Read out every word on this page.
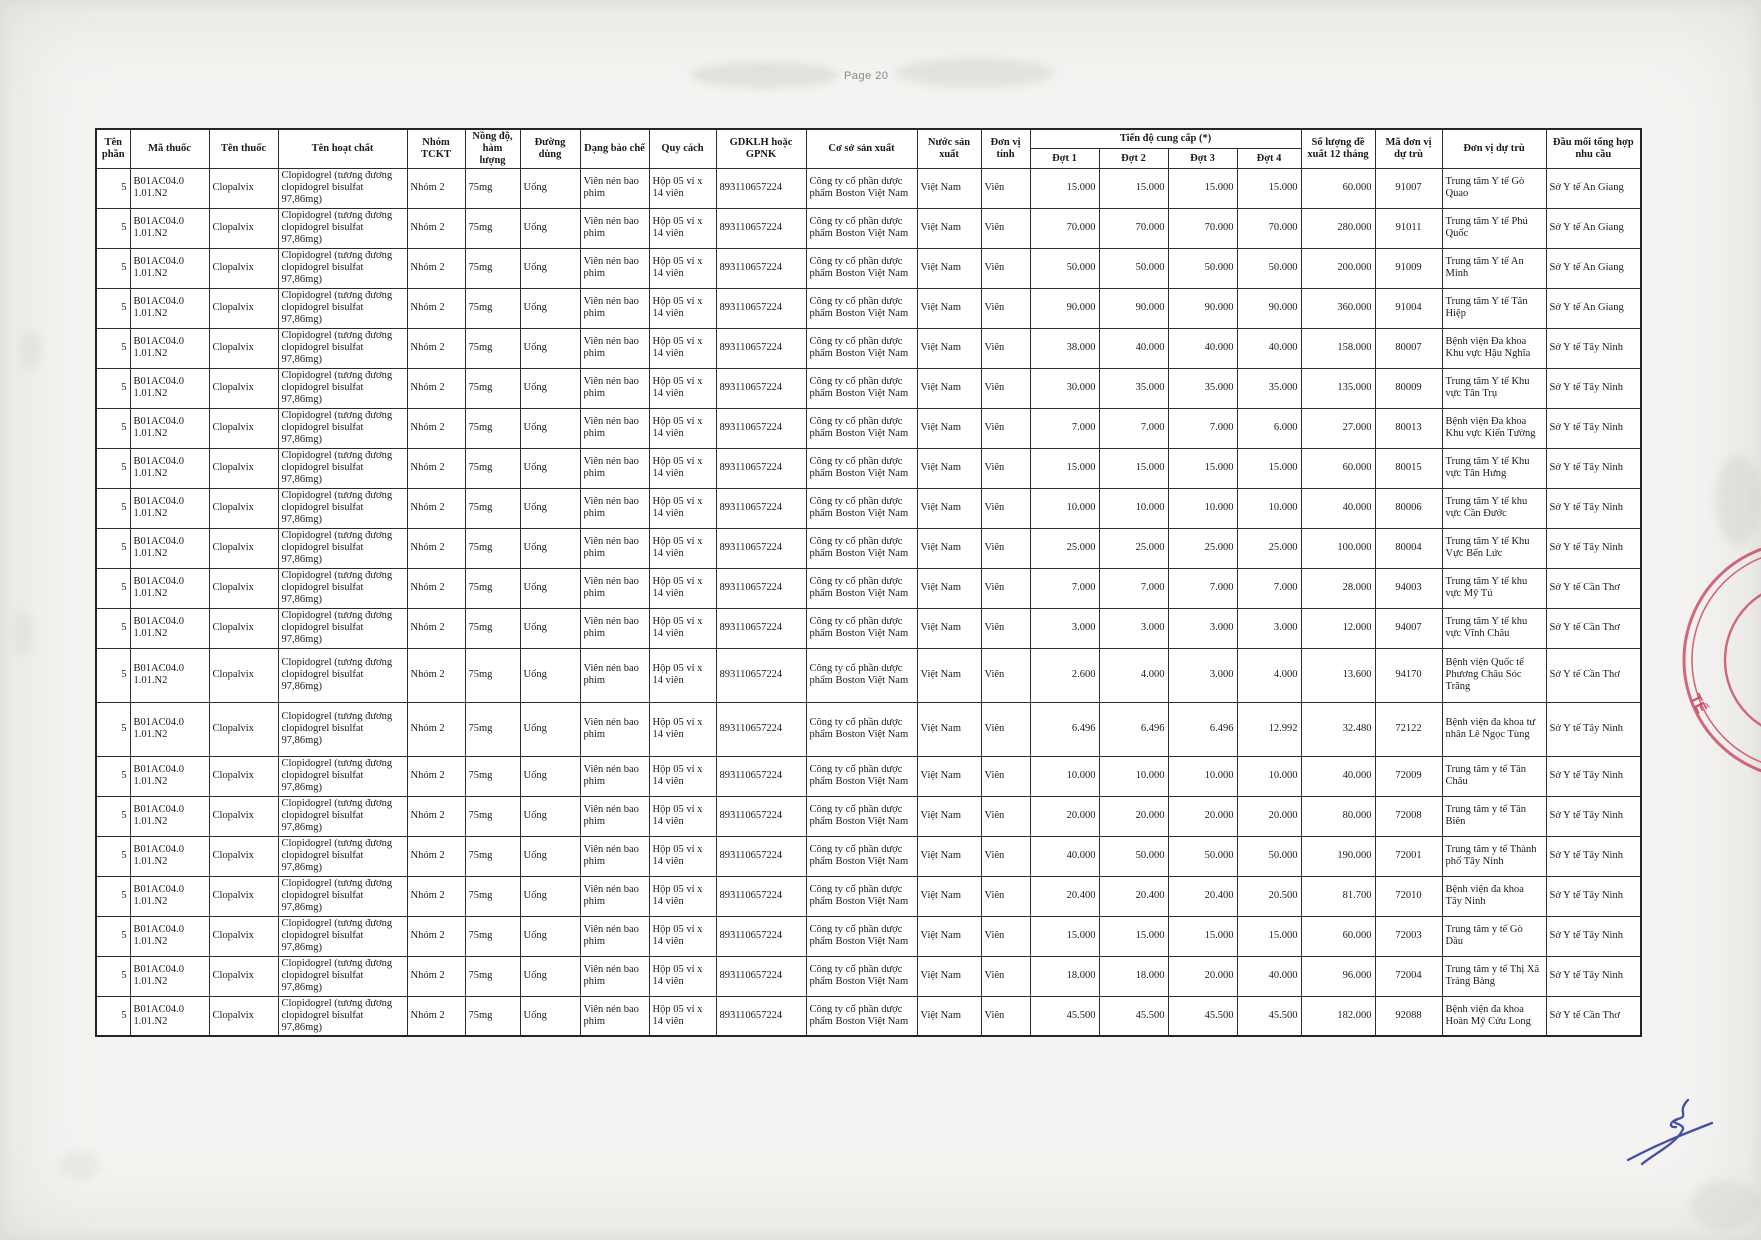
Page 20
Tên phần	Mã thuốc	Tên thuốc	Tên hoạt chất	Nhóm TCKT	Nồng độ, hàm lượng	Đường dùng	Dạng bào chế	Quy cách	GDKLH hoặc GPNK	Cơ sở sản xuất	Nước sản xuất	Đơn vị tính	Tiến độ cung cấp (*)				Số lượng đề xuất 12 tháng	Mã đơn vị dự trù	Đơn vị dự trù	Đầu mối tổng hợp nhu cầu
													Đợt 1	Đợt 2	Đợt 3	Đợt 4				
5	B01AC04.0 1.01.N2	Clopalvix	Clopidogrel (tương đương clopidogrel bisulfat 97,86mg)	Nhóm 2	75mg	Uống	Viên nén bao phim	Hộp 05 vỉ x 14 viên	893110657224	Công ty cổ phần dược phẩm Boston Việt Nam	Việt Nam	Viên	15.000	15.000	15.000	15.000	60.000	91007	Trung tâm Y tế Gò Quao	Sở Y tế An Giang
5	B01AC04.0 1.01.N2	Clopalvix	Clopidogrel (tương đương clopidogrel bisulfat 97,86mg)	Nhóm 2	75mg	Uống	Viên nén bao phim	Hộp 05 vỉ x 14 viên	893110657224	Công ty cổ phần dược phẩm Boston Việt Nam	Việt Nam	Viên	70.000	70.000	70.000	70.000	280.000	91011	Trung tâm Y tế Phú Quốc	Sở Y tế An Giang
5	B01AC04.0 1.01.N2	Clopalvix	Clopidogrel (tương đương clopidogrel bisulfat 97,86mg)	Nhóm 2	75mg	Uống	Viên nén bao phim	Hộp 05 vỉ x 14 viên	893110657224	Công ty cổ phần dược phẩm Boston Việt Nam	Việt Nam	Viên	50.000	50.000	50.000	50.000	200.000	91009	Trung tâm Y tế An Minh	Sở Y tế An Giang
5	B01AC04.0 1.01.N2	Clopalvix	Clopidogrel (tương đương clopidogrel bisulfat 97,86mg)	Nhóm 2	75mg	Uống	Viên nén bao phim	Hộp 05 vỉ x 14 viên	893110657224	Công ty cổ phần dược phẩm Boston Việt Nam	Việt Nam	Viên	90.000	90.000	90.000	90.000	360.000	91004	Trung tâm Y tế Tân Hiệp	Sở Y tế An Giang
5	B01AC04.0 1.01.N2	Clopalvix	Clopidogrel (tương đương clopidogrel bisulfat 97,86mg)	Nhóm 2	75mg	Uống	Viên nén bao phim	Hộp 05 vỉ x 14 viên	893110657224	Công ty cổ phần dược phẩm Boston Việt Nam	Việt Nam	Viên	38.000	40.000	40.000	40.000	158.000	80007	Bệnh viện Đa khoa Khu vực Hậu Nghĩa	Sở Y tế Tây Ninh
5	B01AC04.0 1.01.N2	Clopalvix	Clopidogrel (tương đương clopidogrel bisulfat 97,86mg)	Nhóm 2	75mg	Uống	Viên nén bao phim	Hộp 05 vỉ x 14 viên	893110657224	Công ty cổ phần dược phẩm Boston Việt Nam	Việt Nam	Viên	30.000	35.000	35.000	35.000	135.000	80009	Trung tâm Y tế Khu vực Tân Trụ	Sở Y tế Tây Ninh
5	B01AC04.0 1.01.N2	Clopalvix	Clopidogrel (tương đương clopidogrel bisulfat 97,86mg)	Nhóm 2	75mg	Uống	Viên nén bao phim	Hộp 05 vỉ x 14 viên	893110657224	Công ty cổ phần dược phẩm Boston Việt Nam	Việt Nam	Viên	7.000	7.000	7.000	6.000	27.000	80013	Bệnh viện Đa khoa Khu vực Kiến Tường	Sở Y tế Tây Ninh
5	B01AC04.0 1.01.N2	Clopalvix	Clopidogrel (tương đương clopidogrel bisulfat 97,86mg)	Nhóm 2	75mg	Uống	Viên nén bao phim	Hộp 05 vỉ x 14 viên	893110657224	Công ty cổ phần dược phẩm Boston Việt Nam	Việt Nam	Viên	15.000	15.000	15.000	15.000	60.000	80015	Trung tâm Y tế Khu vực Tân Hưng	Sở Y tế Tây Ninh
5	B01AC04.0 1.01.N2	Clopalvix	Clopidogrel (tương đương clopidogrel bisulfat 97,86mg)	Nhóm 2	75mg	Uống	Viên nén bao phim	Hộp 05 vỉ x 14 viên	893110657224	Công ty cổ phần dược phẩm Boston Việt Nam	Việt Nam	Viên	10.000	10.000	10.000	10.000	40.000	80006	Trung tâm Y tế khu vực Cần Đước	Sở Y tế Tây Ninh
5	B01AC04.0 1.01.N2	Clopalvix	Clopidogrel (tương đương clopidogrel bisulfat 97,86mg)	Nhóm 2	75mg	Uống	Viên nén bao phim	Hộp 05 vỉ x 14 viên	893110657224	Công ty cổ phần dược phẩm Boston Việt Nam	Việt Nam	Viên	25.000	25.000	25.000	25.000	100.000	80004	Trung tâm Y tế Khu Vực Bến Lức	Sở Y tế Tây Ninh
5	B01AC04.0 1.01.N2	Clopalvix	Clopidogrel (tương đương clopidogrel bisulfat 97,86mg)	Nhóm 2	75mg	Uống	Viên nén bao phim	Hộp 05 vỉ x 14 viên	893110657224	Công ty cổ phần dược phẩm Boston Việt Nam	Việt Nam	Viên	7.000	7.000	7.000	7.000	28.000	94003	Trung tâm Y tế khu vực Mỹ Tú	Sở Y tế Cần Thơ
5	B01AC04.0 1.01.N2	Clopalvix	Clopidogrel (tương đương clopidogrel bisulfat 97,86mg)	Nhóm 2	75mg	Uống	Viên nén bao phim	Hộp 05 vỉ x 14 viên	893110657224	Công ty cổ phần dược phẩm Boston Việt Nam	Việt Nam	Viên	3.000	3.000	3.000	3.000	12.000	94007	Trung tâm Y tế khu vực Vĩnh Châu	Sở Y tế Cần Thơ
5	B01AC04.0 1.01.N2	Clopalvix	Clopidogrel (tương đương clopidogrel bisulfat 97,86mg)	Nhóm 2	75mg	Uống	Viên nén bao phim	Hộp 05 vỉ x 14 viên	893110657224	Công ty cổ phần dược phẩm Boston Việt Nam	Việt Nam	Viên	2.600	4.000	3.000	4.000	13.600	94170	Bệnh viện Quốc tế Phương Châu Sóc Trăng	Sở Y tế Cần Thơ
5	B01AC04.0 1.01.N2	Clopalvix	Clopidogrel (tương đương clopidogrel bisulfat 97,86mg)	Nhóm 2	75mg	Uống	Viên nén bao phim	Hộp 05 vỉ x 14 viên	893110657224	Công ty cổ phần dược phẩm Boston Việt Nam	Việt Nam	Viên	6.496	6.496	6.496	12.992	32.480	72122	Bệnh viện đa khoa tư nhân Lê Ngọc Tùng	Sở Y tế Tây Ninh
5	B01AC04.0 1.01.N2	Clopalvix	Clopidogrel (tương đương clopidogrel bisulfat 97,86mg)	Nhóm 2	75mg	Uống	Viên nén bao phim	Hộp 05 vỉ x 14 viên	893110657224	Công ty cổ phần dược phẩm Boston Việt Nam	Việt Nam	Viên	10.000	10.000	10.000	10.000	40.000	72009	Trung tâm y tế Tân Châu	Sở Y tế Tây Ninh
5	B01AC04.0 1.01.N2	Clopalvix	Clopidogrel (tương đương clopidogrel bisulfat 97,86mg)	Nhóm 2	75mg	Uống	Viên nén bao phim	Hộp 05 vỉ x 14 viên	893110657224	Công ty cổ phần dược phẩm Boston Việt Nam	Việt Nam	Viên	20.000	20.000	20.000	20.000	80.000	72008	Trung tâm y tế Tân Biên	Sở Y tế Tây Ninh
5	B01AC04.0 1.01.N2	Clopalvix	Clopidogrel (tương đương clopidogrel bisulfat 97,86mg)	Nhóm 2	75mg	Uống	Viên nén bao phim	Hộp 05 vỉ x 14 viên	893110657224	Công ty cổ phần dược phẩm Boston Việt Nam	Việt Nam	Viên	40.000	50.000	50.000	50.000	190.000	72001	Trung tâm y tế Thành phố Tây Ninh	Sở Y tế Tây Ninh
5	B01AC04.0 1.01.N2	Clopalvix	Clopidogrel (tương đương clopidogrel bisulfat 97,86mg)	Nhóm 2	75mg	Uống	Viên nén bao phim	Hộp 05 vỉ x 14 viên	893110657224	Công ty cổ phần dược phẩm Boston Việt Nam	Việt Nam	Viên	20.400	20.400	20.400	20.500	81.700	72010	Bệnh viện đa khoa Tây Ninh	Sở Y tế Tây Ninh
5	B01AC04.0 1.01.N2	Clopalvix	Clopidogrel (tương đương clopidogrel bisulfat 97,86mg)	Nhóm 2	75mg	Uống	Viên nén bao phim	Hộp 05 vỉ x 14 viên	893110657224	Công ty cổ phần dược phẩm Boston Việt Nam	Việt Nam	Viên	15.000	15.000	15.000	15.000	60.000	72003	Trung tâm y tế Gò Dầu	Sở Y tế Tây Ninh
5	B01AC04.0 1.01.N2	Clopalvix	Clopidogrel (tương đương clopidogrel bisulfat 97,86mg)	Nhóm 2	75mg	Uống	Viên nén bao phim	Hộp 05 vỉ x 14 viên	893110657224	Công ty cổ phần dược phẩm Boston Việt Nam	Việt Nam	Viên	18.000	18.000	20.000	40.000	96.000	72004	Trung tâm y tế Thị Xã Trảng Bàng	Sở Y tế Tây Ninh
5	B01AC04.0 1.01.N2	Clopalvix	Clopidogrel (tương đương clopidogrel bisulfat 97,86mg)	Nhóm 2	75mg	Uống	Viên nén bao phim	Hộp 05 vỉ x 14 viên	893110657224	Công ty cổ phần dược phẩm Boston Việt Nam	Việt Nam	Viên	45.500	45.500	45.500	45.500	182.000	92088	Bệnh viện đa khoa Hoàn Mỹ Cửu Long	Sở Y tế Cần Thơ
TẾ
